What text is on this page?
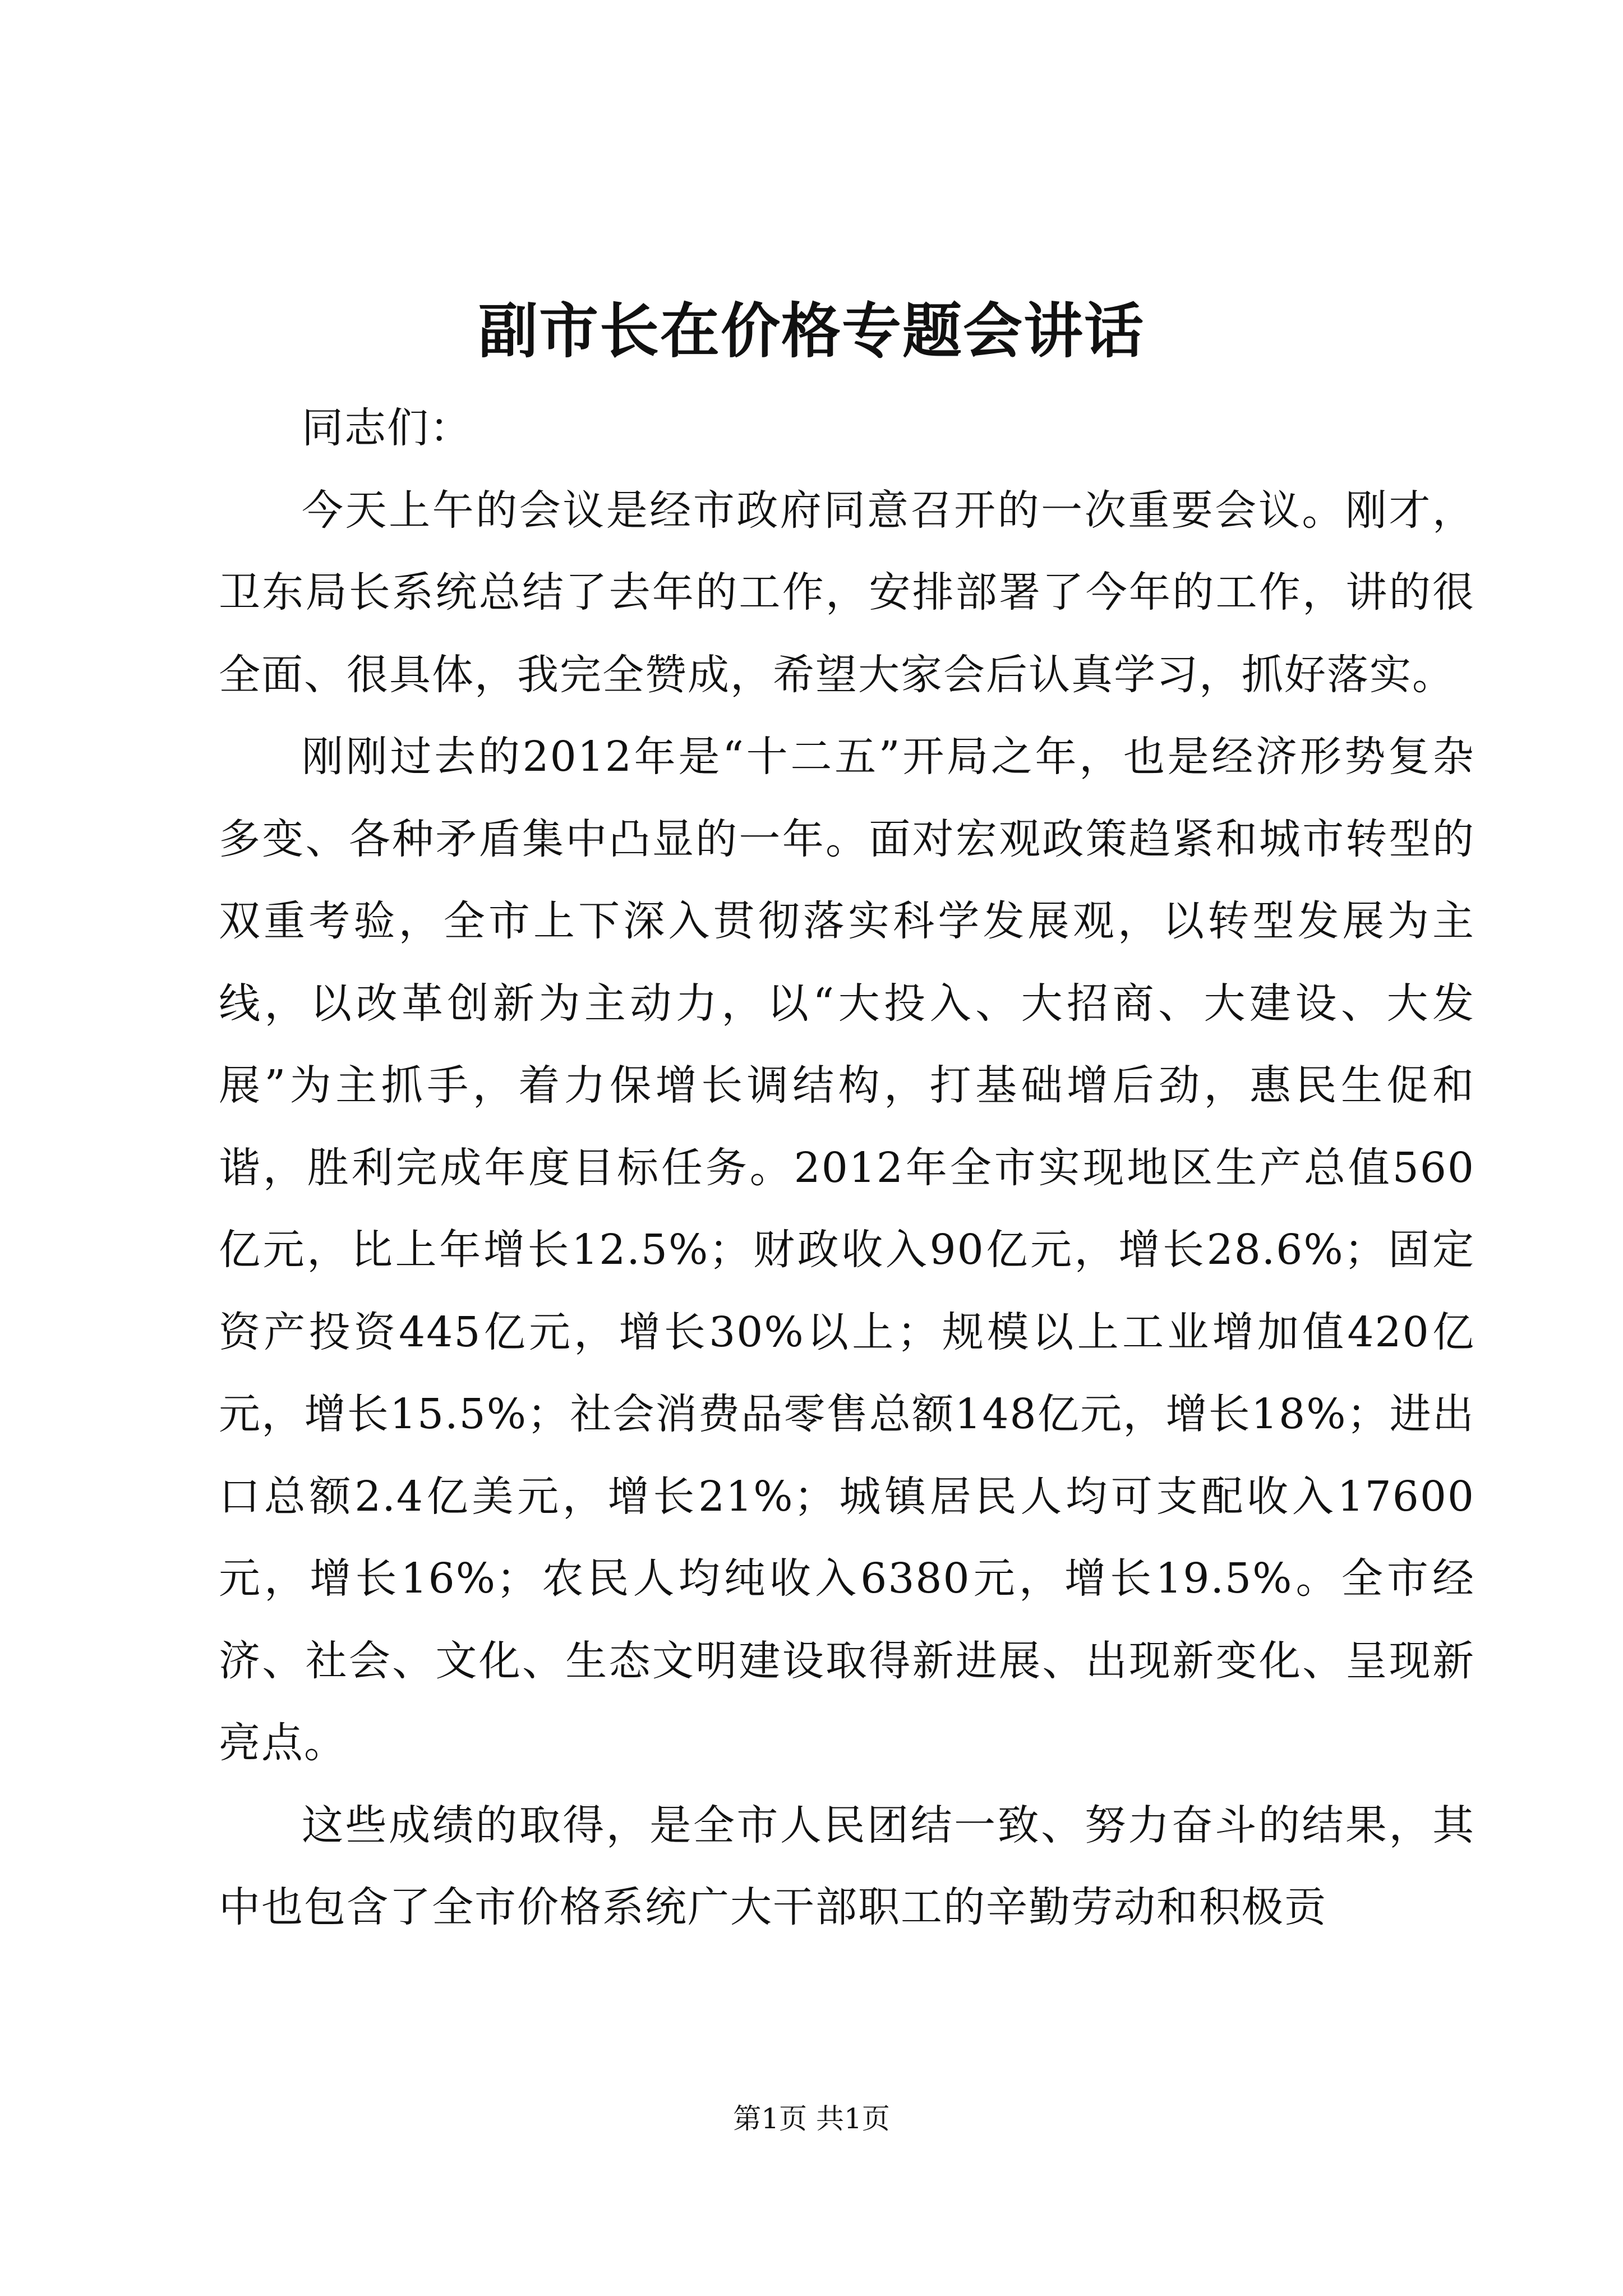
副市长在价格专题会讲话

同志们：

今天上午的会议是经市政府同意召开的一次重要会议。刚才，卫东局长系统总结了去年的工作，安排部署了今年的工作，讲的很全面、很具体，我完全赞成，希望大家会后认真学习，抓好落实。

刚刚过去的2012年是“十二五”开局之年，也是经济形势复杂多变、各种矛盾集中凸显的一年。面对宏观政策趋紧和城市转型的双重考验，全市上下深入贯彻落实科学发展观，以转型发展为主线，以改革创新为主动力，以“大投入、大招商、大建设、大发展”为主抓手，着力保增长调结构，打基础增后劲，惠民生促和谐，胜利完成年度目标任务。2012年全市实现地区生产总值560亿元，比上年增长12.5%；财政收入90亿元，增长28.6%；固定资产投资445亿元，增长30%以上；规模以上工业增加值420亿元，增长15.5%；社会消费品零售总额148亿元，增长18%；进出口总额2.4亿美元，增长21%；城镇居民人均可支配收入17600元，增长16%；农民人均纯收入6380元，增长19.5%。全市经济、社会、文化、生态文明建设取得新进展、出现新变化、呈现新亮点。

这些成绩的取得，是全市人民团结一致、努力奋斗的结果，其中也包含了全市价格系统广大干部职工的辛勤劳动和积极贡

第1页 共1页
